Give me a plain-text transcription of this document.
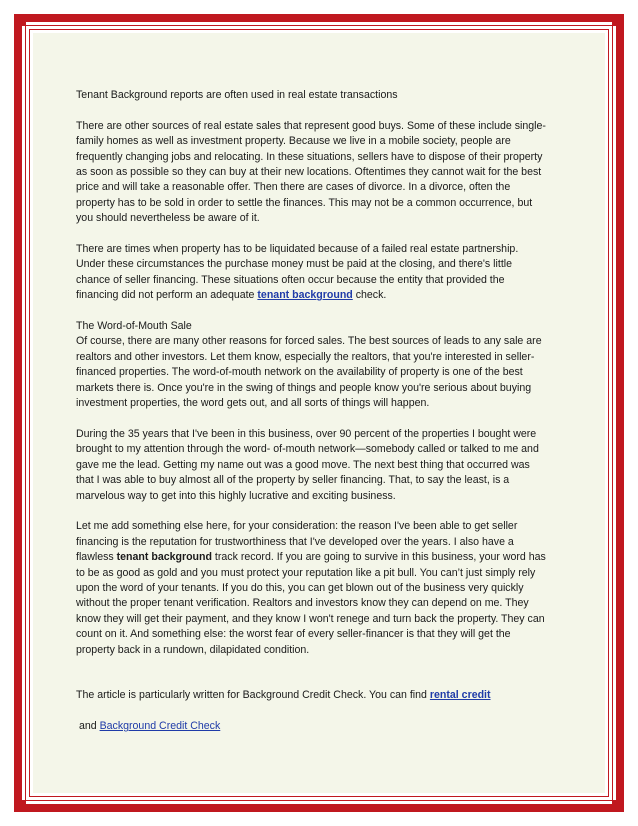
Tenant Background reports are often used in real estate transactions

There are other sources of real estate sales that represent good buys. Some of these include single-family homes as well as investment property. Because we live in a mobile society, people are frequently changing jobs and relocating. In these situations, sellers have to dispose of their property as soon as possible so they can buy at their new locations. Oftentimes they cannot wait for the best price and will take a reasonable offer. Then there are cases of divorce. In a divorce, often the property has to be sold in order to settle the finances. This may not be a common occurrence, but you should nevertheless be aware of it.

There are times when property has to be liquidated because of a failed real estate partnership. Under these circumstances the purchase money must be paid at the closing, and there's little chance of seller financing. These situations often occur because the entity that provided the financing did not perform an adequate tenant background check.

The Word-of-Mouth Sale

Of course, there are many other reasons for forced sales. The best sources of leads to any sale are realtors and other investors. Let them know, especially the realtors, that you're interested in seller-financed properties. The word-of-mouth network on the availability of property is one of the best markets there is. Once you're in the swing of things and people know you're serious about buying investment properties, the word gets out, and all sorts of things will happen.

During the 35 years that I've been in this business, over 90 percent of the properties I bought were brought to my attention through the word- of-mouth network—somebody called or talked to me and gave me the lead. Getting my name out was a good move. The next best thing that occurred was that I was able to buy almost all of the property by seller financing. That, to say the least, is a marvelous way to get into this highly lucrative and exciting business.

Let me add something else here, for your consideration: the reason I've been able to get seller financing is the reputation for trustworthiness that I've developed over the years. I also have a flawless tenant background track record. If you are going to survive in this business, your word has to be as good as gold and you must protect your reputation like a pit bull. You can’t just simply rely upon the word of your tenants. If you do this, you can get blown out of the business very quickly without the proper tenant verification. Realtors and investors know they can depend on me. They know they will get their payment, and they know I won't renege and turn back the property. They can count on it. And something else: the worst fear of every seller-financer is that they will get the property back in a rundown, dilapidated condition.

The article is particularly written for Background Credit Check. You can find rental credit

and Background Credit Check
